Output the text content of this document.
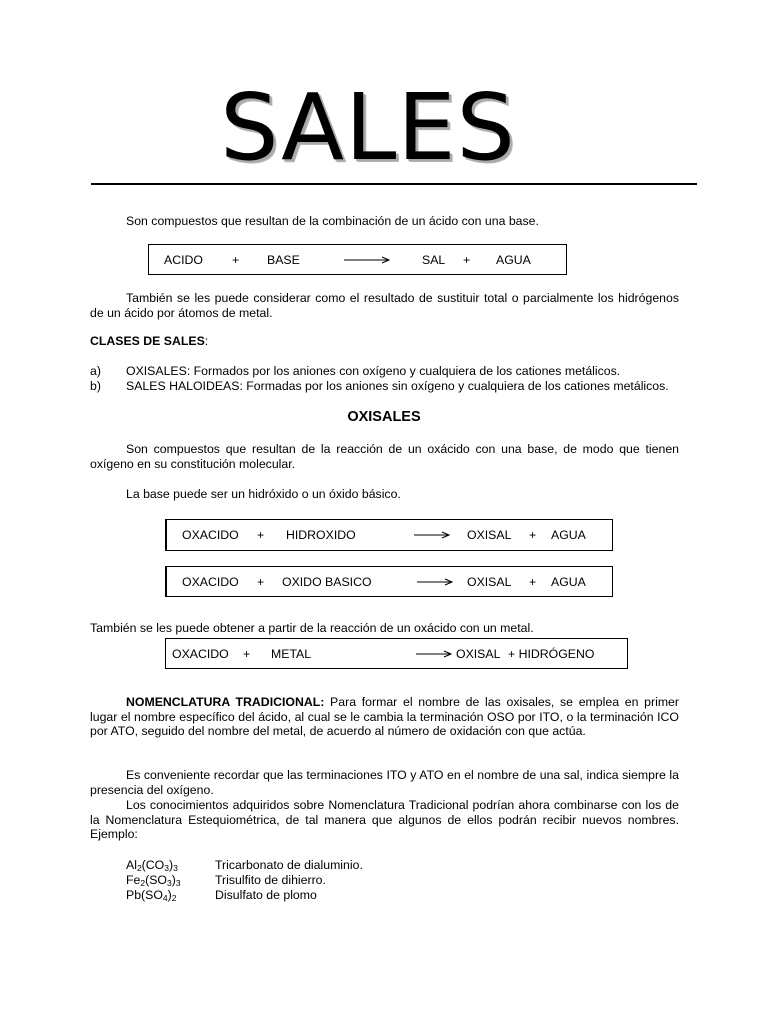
SALES
Son compuestos que resultan de la combinación de un ácido con una base.
ACIDO + BASE	SAL + AGUA
También se les puede considerar como el resultado de sustituir total o parcialmente los hidrógenos de un ácido por átomos de metal.
CLASES DE SALES:
a) OXISALES: Formados por los aniones con oxígeno y cualquiera de los cationes metálicos.
b) SALES HALOIDEAS: Formadas por los aniones sin oxígeno y cualquiera de los cationes metálicos.
OXISALES
Son compuestos que resultan de la reacción de un oxácido con una base, de modo que tienen oxígeno en su constitución molecular.
La base puede ser un hidróxido o un óxido básico.
OXACIDO + HIDROXIDO	OXISAL + AGUA
OXACIDO + OXIDO BASICO	OXISAL + AGUA
También se les puede obtener a partir de la reacción de un oxácido con un metal.
OXACIDO + METAL	OXISAL + HIDRÓGENO
NOMENCLATURA TRADICIONAL: Para formar el nombre de las oxisales, se emplea en primer lugar el nombre específico del ácido, al cual se le cambia la terminación OSO por ITO, o la terminación ICO por ATO, seguido del nombre del metal, de acuerdo al número de oxidación con que actúa.
Es conveniente recordar que las terminaciones ITO y ATO en el nombre de una sal, indica siempre la presencia del oxígeno.
Los conocimientos adquiridos sobre Nomenclatura Tradicional podrían ahora combinarse con los de la Nomenclatura Estequiométrica, de tal manera que algunos de ellos podrán recibir nuevos nombres. Ejemplo:
$Al_2(CO_3)_3$	Tricarbonato de dialuminio.
$Fe_2(SO_3)_3$	Trisulfito de dihierro.
$Pb(SO_4)_2$	Disulfato de plomo
